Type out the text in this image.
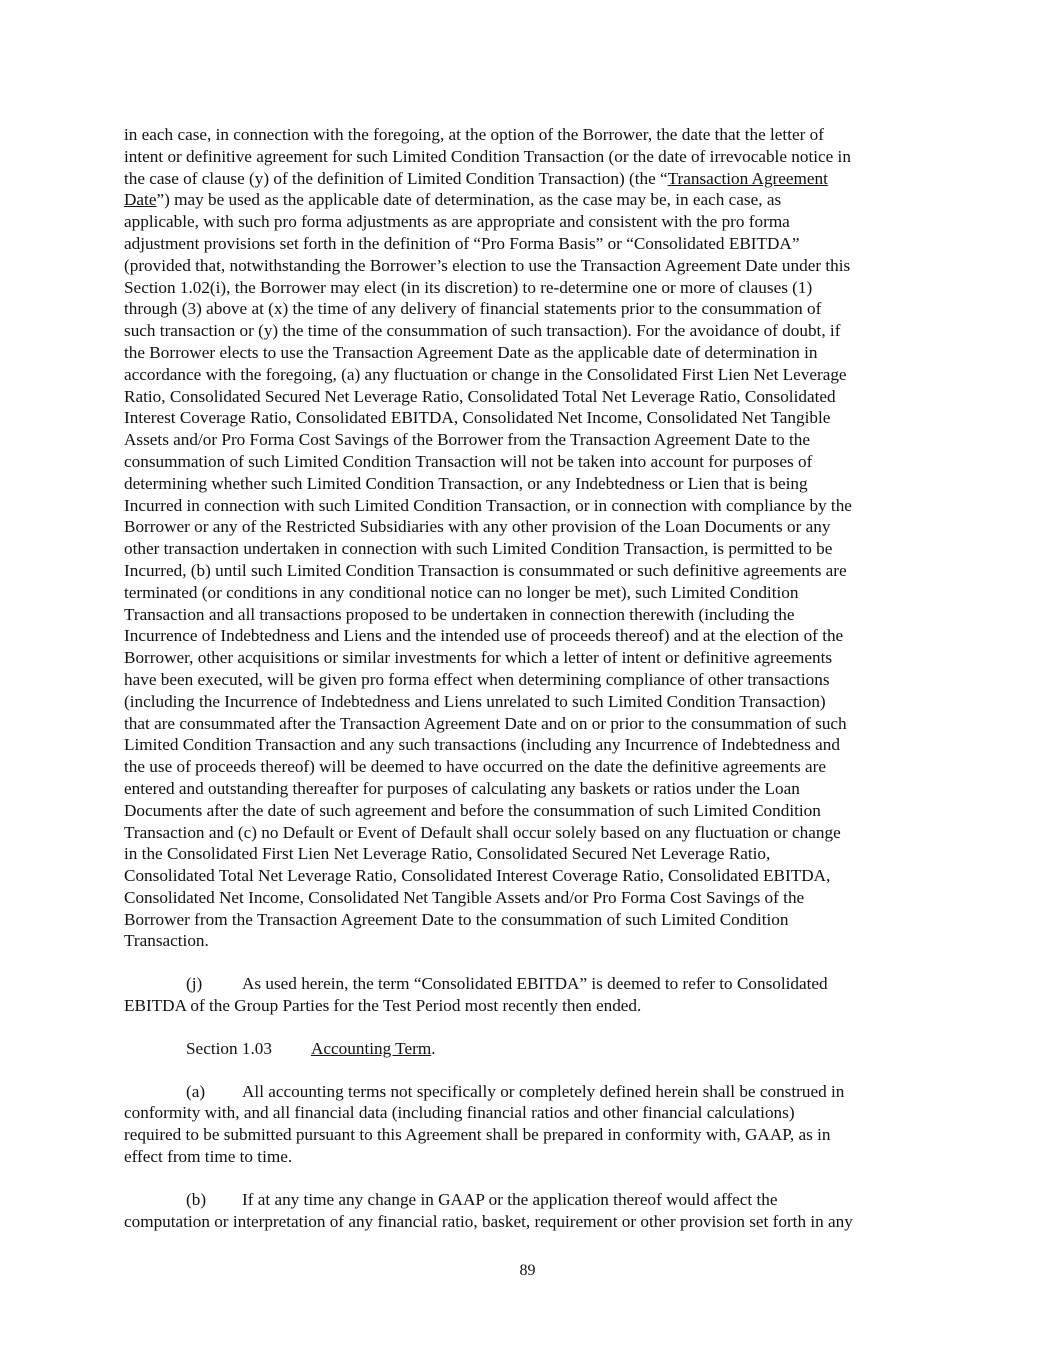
in each case, in connection with the foregoing, at the option of the Borrower, the date that the letter of
intent or definitive agreement for such Limited Condition Transaction (or the date of irrevocable notice in
the case of clause (y) of the definition of Limited Condition Transaction) (the “Transaction Agreement
Date”) may be used as the applicable date of determination, as the case may be, in each case, as
applicable, with such pro forma adjustments as are appropriate and consistent with the pro forma
adjustment provisions set forth in the definition of “Pro Forma Basis” or “Consolidated EBITDA”
(provided that, notwithstanding the Borrower’s election to use the Transaction Agreement Date under this
Section 1.02(i), the Borrower may elect (in its discretion) to re-determine one or more of clauses (1)
through (3) above at (x) the time of any delivery of financial statements prior to the consummation of
such transaction or (y) the time of the consummation of such transaction). For the avoidance of doubt, if
the Borrower elects to use the Transaction Agreement Date as the applicable date of determination in
accordance with the foregoing, (a) any fluctuation or change in the Consolidated First Lien Net Leverage
Ratio, Consolidated Secured Net Leverage Ratio, Consolidated Total Net Leverage Ratio, Consolidated
Interest Coverage Ratio, Consolidated EBITDA, Consolidated Net Income, Consolidated Net Tangible
Assets and/or Pro Forma Cost Savings of the Borrower from the Transaction Agreement Date to the
consummation of such Limited Condition Transaction will not be taken into account for purposes of
determining whether such Limited Condition Transaction, or any Indebtedness or Lien that is being
Incurred in connection with such Limited Condition Transaction, or in connection with compliance by the
Borrower or any of the Restricted Subsidiaries with any other provision of the Loan Documents or any
other transaction undertaken in connection with such Limited Condition Transaction, is permitted to be
Incurred, (b) until such Limited Condition Transaction is consummated or such definitive agreements are
terminated (or conditions in any conditional notice can no longer be met), such Limited Condition
Transaction and all transactions proposed to be undertaken in connection therewith (including the
Incurrence of Indebtedness and Liens and the intended use of proceeds thereof) and at the election of the
Borrower, other acquisitions or similar investments for which a letter of intent or definitive agreements
have been executed, will be given pro forma effect when determining compliance of other transactions
(including the Incurrence of Indebtedness and Liens unrelated to such Limited Condition Transaction)
that are consummated after the Transaction Agreement Date and on or prior to the consummation of such
Limited Condition Transaction and any such transactions (including any Incurrence of Indebtedness and
the use of proceeds thereof) will be deemed to have occurred on the date the definitive agreements are
entered and outstanding thereafter for purposes of calculating any baskets or ratios under the Loan
Documents after the date of such agreement and before the consummation of such Limited Condition
Transaction and (c) no Default or Event of Default shall occur solely based on any fluctuation or change
in the Consolidated First Lien Net Leverage Ratio, Consolidated Secured Net Leverage Ratio,
Consolidated Total Net Leverage Ratio, Consolidated Interest Coverage Ratio, Consolidated EBITDA,
Consolidated Net Income, Consolidated Net Tangible Assets and/or Pro Forma Cost Savings of the
Borrower from the Transaction Agreement Date to the consummation of such Limited Condition
Transaction.
(j) As used herein, the term “Consolidated EBITDA” is deemed to refer to Consolidated
EBITDA of the Group Parties for the Test Period most recently then ended.
Section 1.03 Accounting Term.
(a) All accounting terms not specifically or completely defined herein shall be construed in
conformity with, and all financial data (including financial ratios and other financial calculations)
required to be submitted pursuant to this Agreement shall be prepared in conformity with, GAAP, as in
effect from time to time.
(b) If at any time any change in GAAP or the application thereof would affect the
computation or interpretation of any financial ratio, basket, requirement or other provision set forth in any
89
